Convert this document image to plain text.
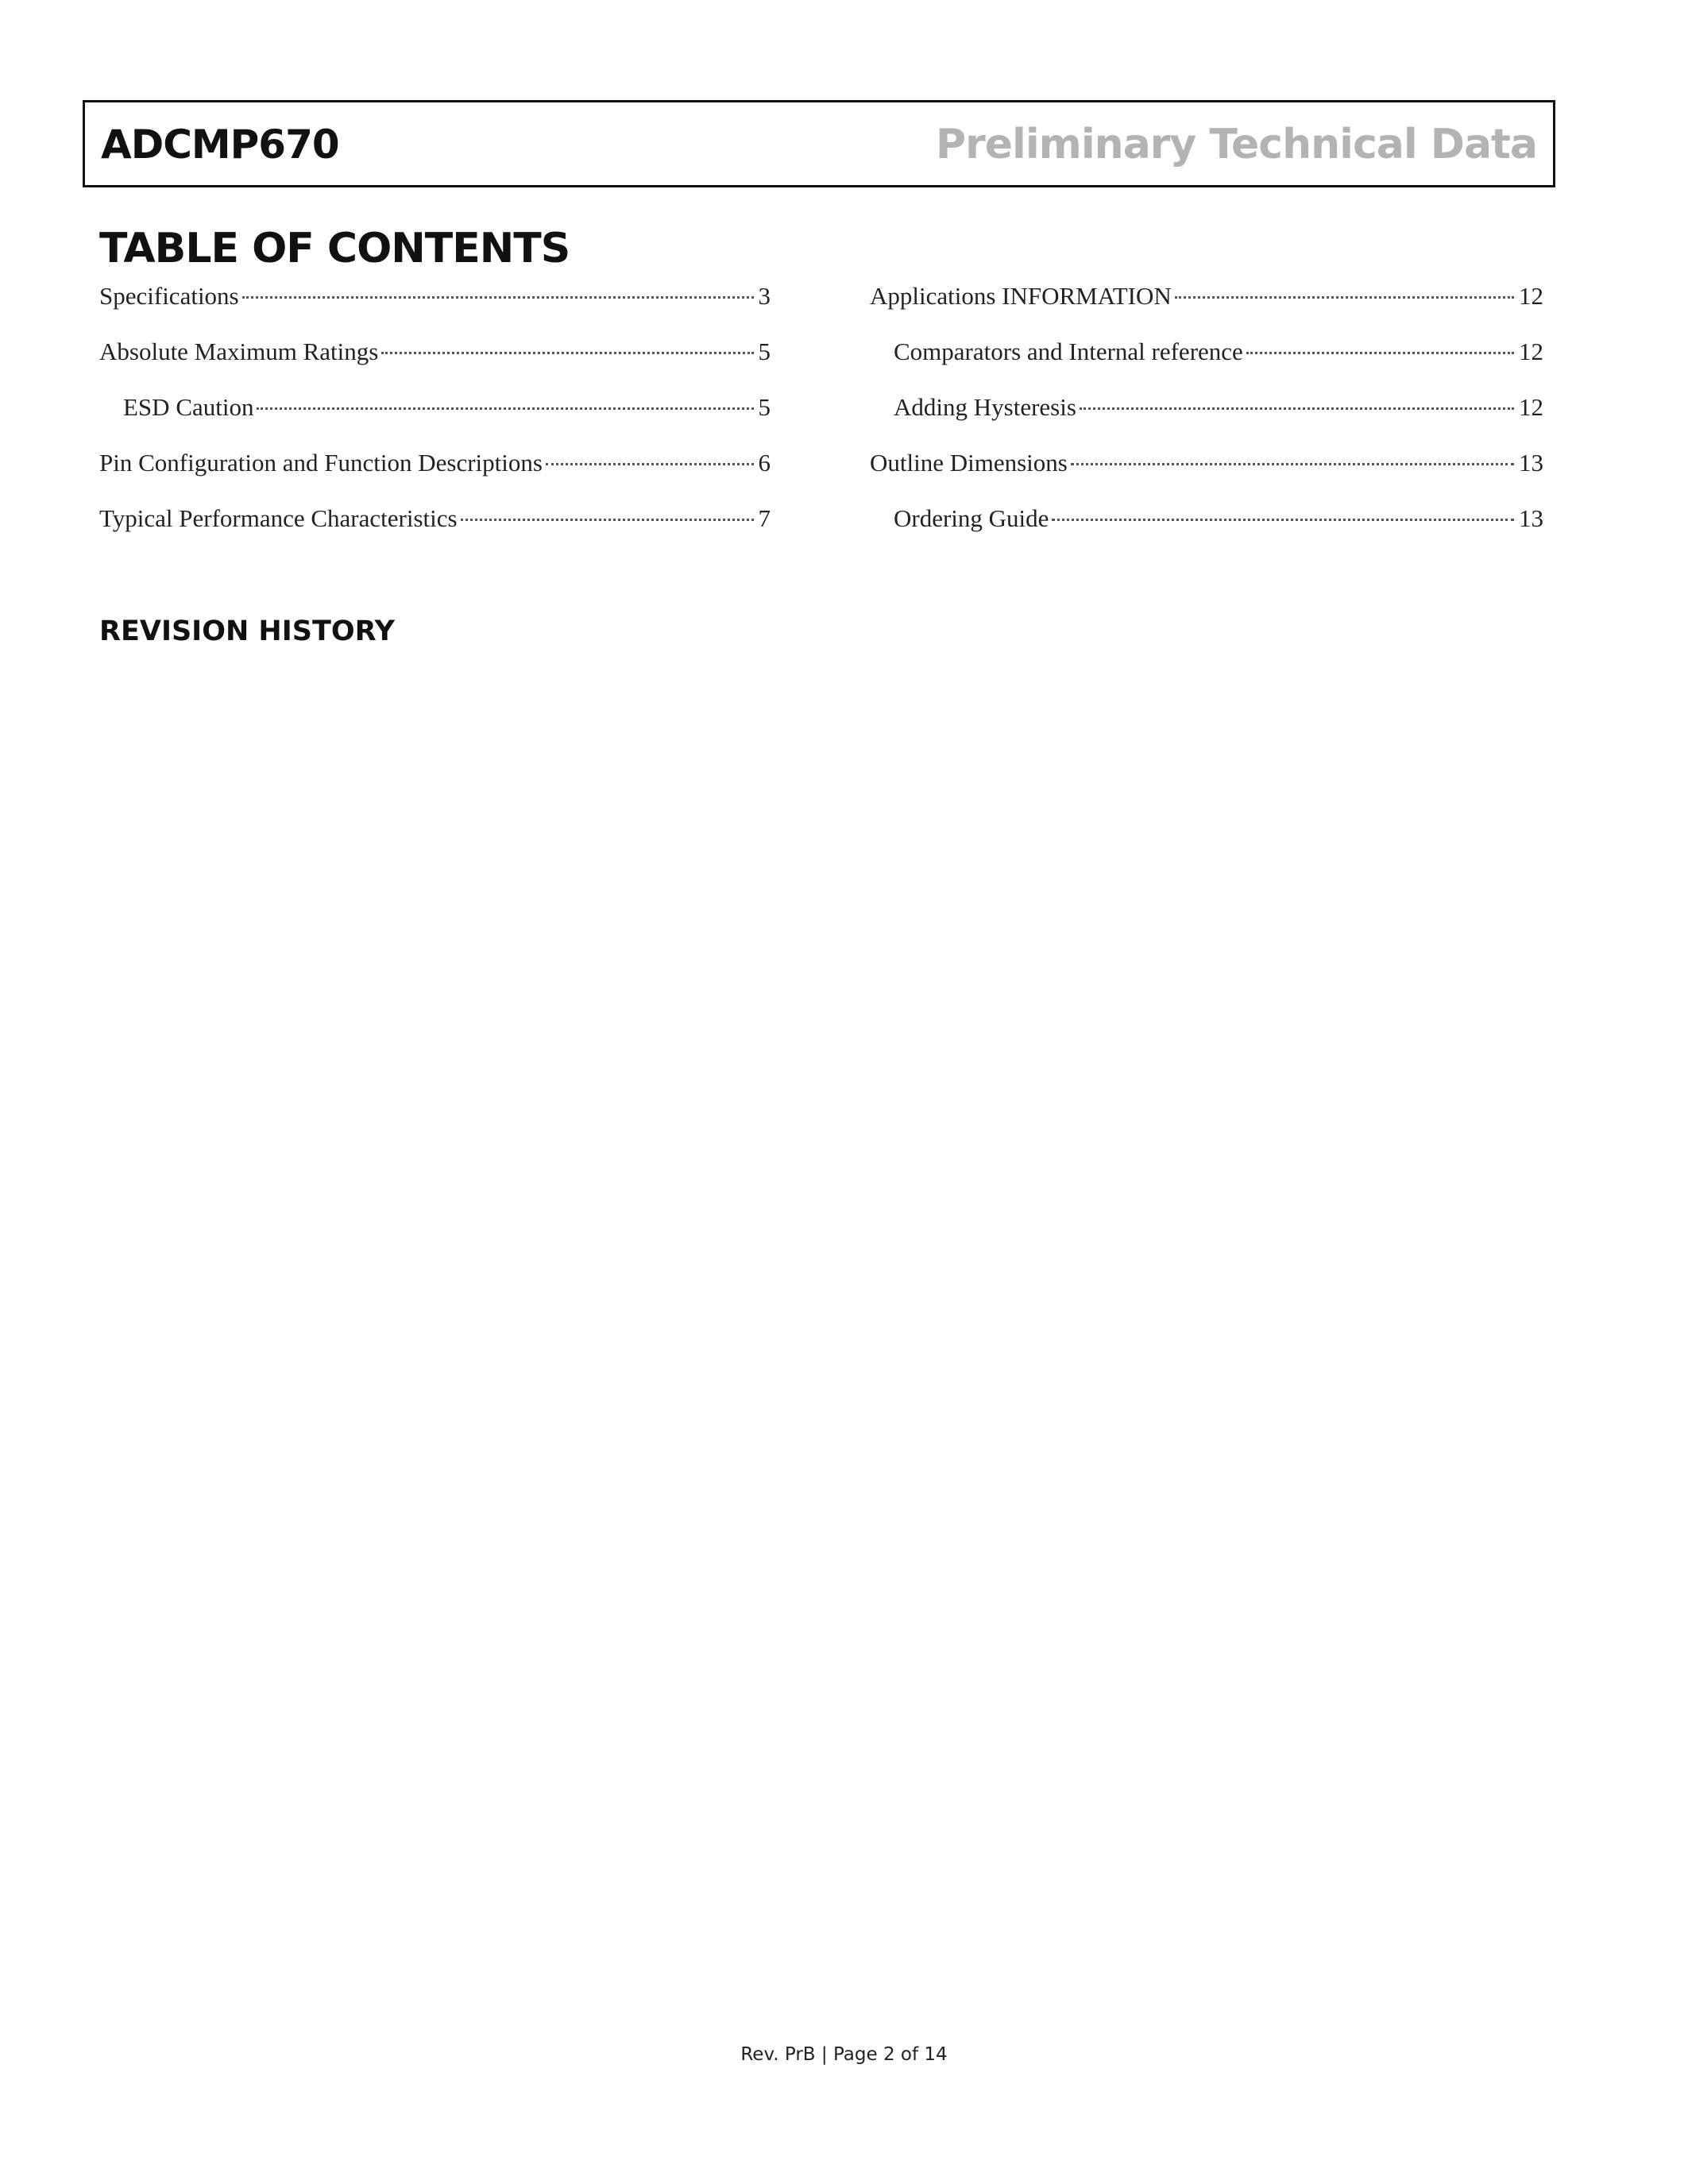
ADCMP670	Preliminary Technical Data
TABLE OF CONTENTS
Specifications	3
Absolute Maximum Ratings	5
ESD Caution	5
Pin Configuration and Function Descriptions	6
Typical Performance Characteristics	7
Applications INFORMATION	12
Comparators and Internal reference	12
Adding Hysteresis	12
Outline Dimensions	13
Ordering Guide	13
REVISION HISTORY
Rev. PrB | Page 2 of 14
